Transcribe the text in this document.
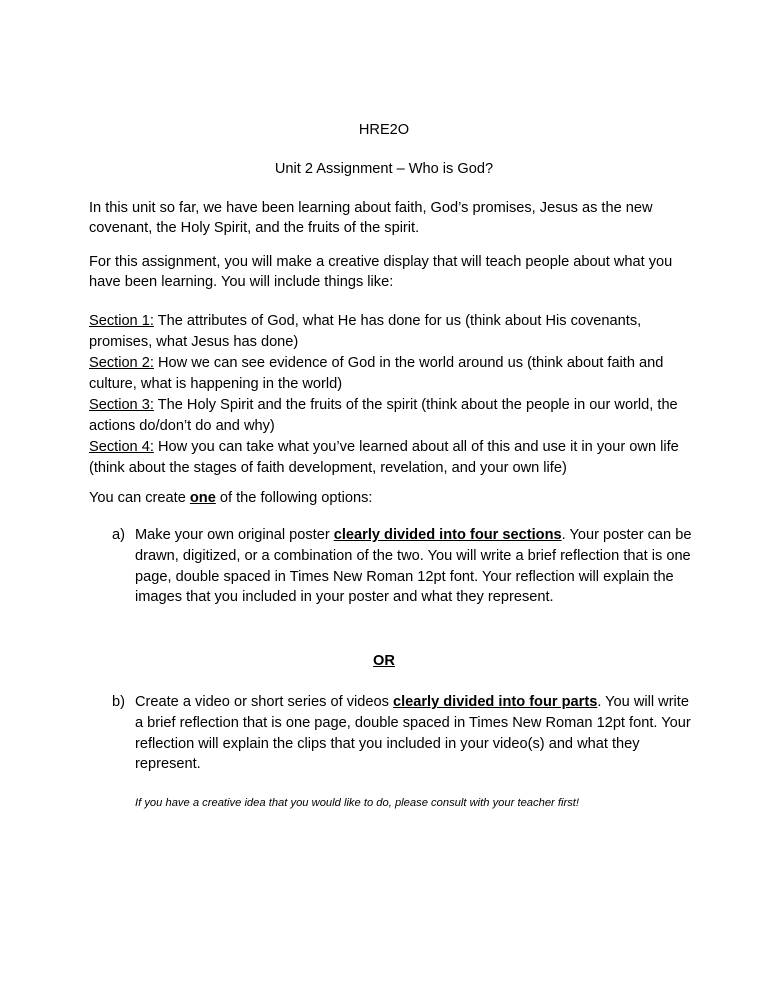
HRE2O
Unit 2 Assignment – Who is God?
In this unit so far, we have been learning about faith, God’s promises, Jesus as the new covenant, the Holy Spirit, and the fruits of the spirit.
For this assignment, you will make a creative display that will teach people about what you have been learning. You will include things like:
Section 1: The attributes of God, what He has done for us (think about His covenants, promises, what Jesus has done)
Section 2: How we can see evidence of God in the world around us (think about faith and culture, what is happening in the world)
Section 3: The Holy Spirit and the fruits of the spirit (think about the people in our world, the actions do/don’t do and why)
Section 4: How you can take what you’ve learned about all of this and use it in your own life (think about the stages of faith development, revelation, and your own life)
You can create one of the following options:
a) Make your own original poster clearly divided into four sections. Your poster can be drawn, digitized, or a combination of the two. You will write a brief reflection that is one page, double spaced in Times New Roman 12pt font. Your reflection will explain the images that you included in your poster and what they represent.
OR
b) Create a video or short series of videos clearly divided into four parts. You will write a brief reflection that is one page, double spaced in Times New Roman 12pt font. Your reflection will explain the clips that you included in your video(s) and what they represent.
If you have a creative idea that you would like to do, please consult with your teacher first!
